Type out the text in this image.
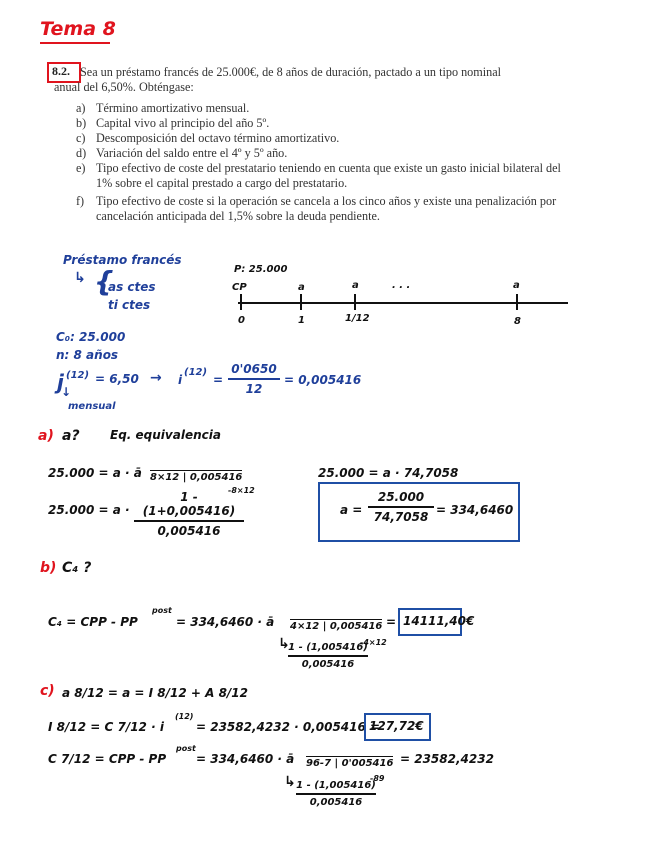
Tema 8
8.2. Sea un préstamo francés de 25.000€, de 8 años de duración, pactado a un tipo nominal
anual del 6,50%. Obténgase:
a) Término amortizativo mensual.
b) Capital vivo al principio del año 5º.
c) Descomposición del octavo término amortizativo.
d) Variación del saldo entre el 4º y 5º año.
e) Tipo efectivo de coste del prestatario teniendo en cuenta que existe un gasto inicial bilateral del 1% sobre el capital prestado a cargo del prestatario.
f) Tipo efectivo de coste si la operación se cancela a los cinco años y existe una penalización por cancelación anticipada del 1,5% sobre la deuda pendiente.
Préstamo francés
↳ {
as ctes
ti ctes
P: 25.000
CP	a	a	. . .	a
0	1	1/12	8
C₀: 25.000
n: 8 años
j (12) = 6,50 → i
(12)
=
0'0650
12
= 0,005416
↓
mensual
a) a?	Eq. equivalencia
25.000 = a · ā 8×12 | 0,005416
25.000 = a ·
1 - (1+0,005416)
0,005416
-8×12
25.000 = a · 74,7058
a =
25.000
74,7058 = 334,6460
b) C₄ ?
C₄ = CPP - PP
post
= 334,6460 · ā 4×12 | 0,005416 = 14111,40€
↳
1 - (1,005416)
0,005416
-4×12
c) a 8/12 = a = I 8/12 + A 8/12
I 8/12 = C 7/12 · i
(12)
= 23582,4232 · 0,005416 =
127,72€
C 7/12 = CPP - PP
post
= 334,6460 · ā 96-7 | 0'005416 = 23582,4232
↳ 1 - (1,005416)
0,005416
-89
